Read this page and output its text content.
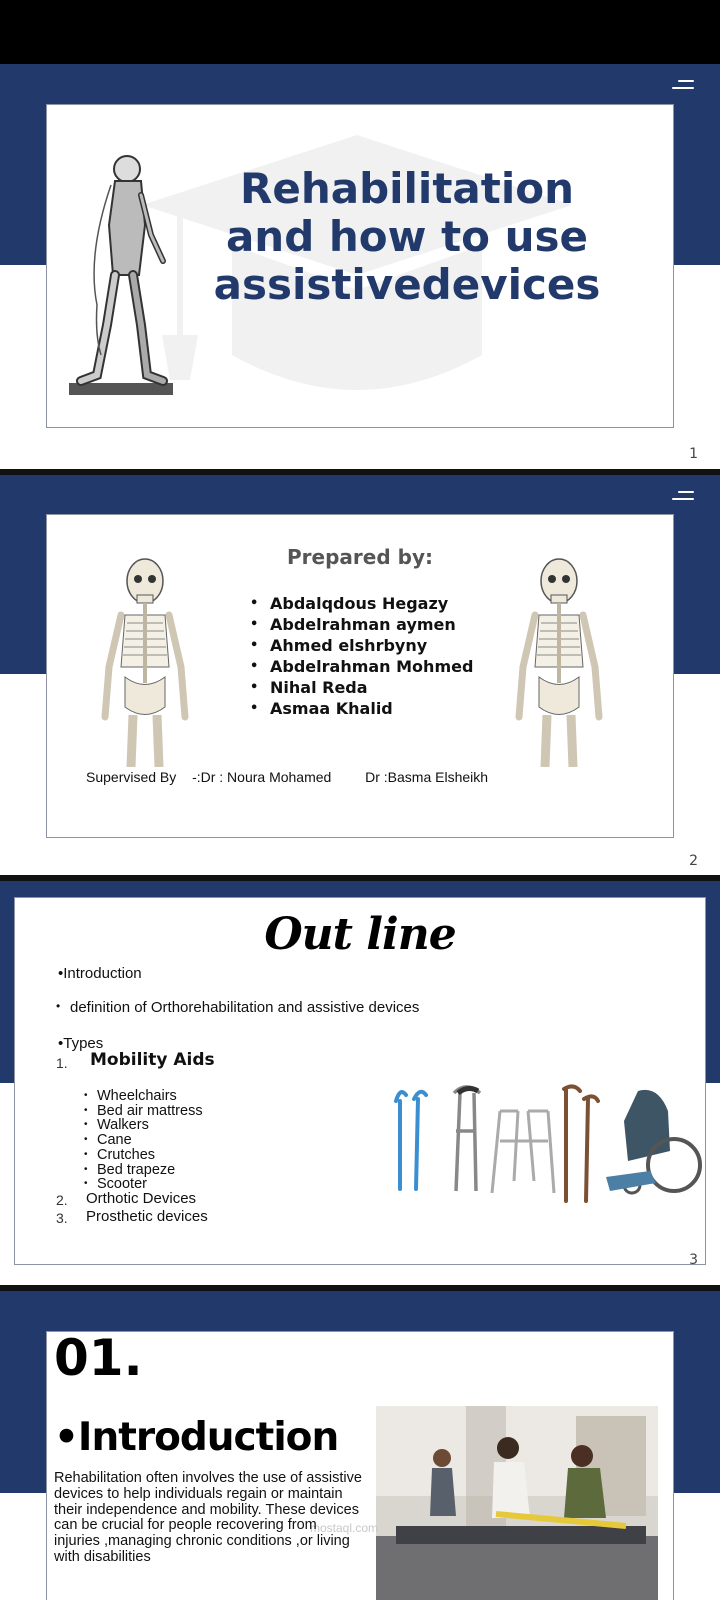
Rehabilitation
and how to use
assistivedevices
1
Prepared by:
• Abdalqdous Hegazy
• Abdelrahman aymen
• Ahmed elshrbyny
• Abdelrahman Mohmed
• Nihal Reda
• Asmaa Khalid
Supervised By -:Dr : Noura Mohamed Dr :Basma Elsheikh
2
Out line
•Introduction
• definition of Orthorehabilitation and assistive devices
•Types
1. Mobility Aids
• Wheelchairs
• Bed air mattress
• Walkers
• Cane
• Crutches
• Bed trapeze
• Scooter
2. Orthotic Devices
3. Prosthetic devices
3
01.
•Introduction
mostaql.com
Rehabilitation often involves the use of assistive devices to help individuals regain or maintain their independence and mobility. These devices can be crucial for people recovering from injuries ,managing chronic conditions ,or living with disabilities
